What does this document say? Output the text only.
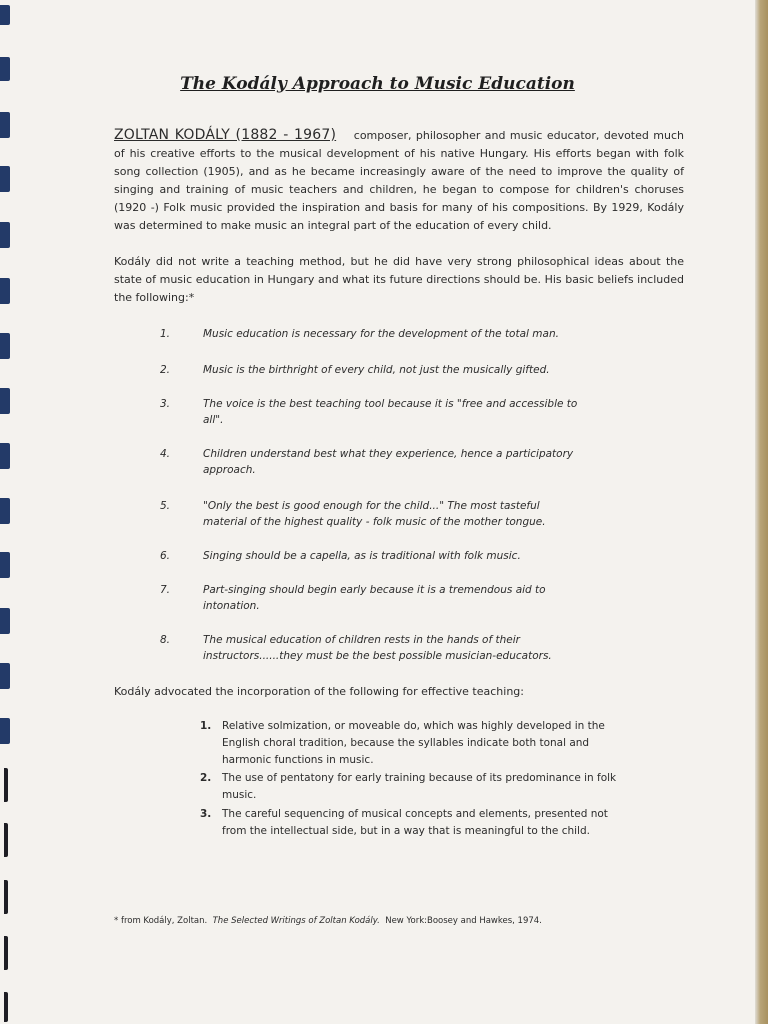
The Kodály Approach to Music Education

ZOLTAN KODÁLY (1882 - 1967) composer, philosopher and music educator, devoted much of his creative efforts to the musical development of his native Hungary. His efforts began with folk song collection (1905), and as he became increasingly aware of the need to improve the quality of singing and training of music teachers and children, he began to compose for children's choruses (1920 -) Folk music provided the inspiration and basis for many of his compositions. By 1929, Kodály was determined to make music an integral part of the education of every child.

Kodály did not write a teaching method, but he did have very strong philosophical ideas about the state of music education in Hungary and what its future directions should be. His basic beliefs included the following:*

1.	Music education is necessary for the development of the total man.
2.	Music is the birthright of every child, not just the musically gifted.
3.	The voice is the best teaching tool because it is "free and accessible to all".
4.	Children understand best what they experience, hence a participatory approach.
5.	"Only the best is good enough for the child..." The most tasteful material of the highest quality - folk music of the mother tongue.
6.	Singing should be a capella, as is traditional with folk music.
7.	Part-singing should begin early because it is a tremendous aid to intonation.
8.	The musical education of children rests in the hands of their instructors......they must be the best possible musician-educators.

Kodály advocated the incorporation of the following for effective teaching:

1. Relative solmization, or moveable do, which was highly developed in the English choral tradition, because the syllables indicate both tonal and harmonic functions in music.
2. The use of pentatony for early training because of its predominance in folk music.
3. The careful sequencing of musical concepts and elements, presented not from the intellectual side, but in a way that is meaningful to the child.

* from Kodály, Zoltan. The Selected Writings of Zoltan Kodály. New York:Boosey and Hawkes, 1974.
